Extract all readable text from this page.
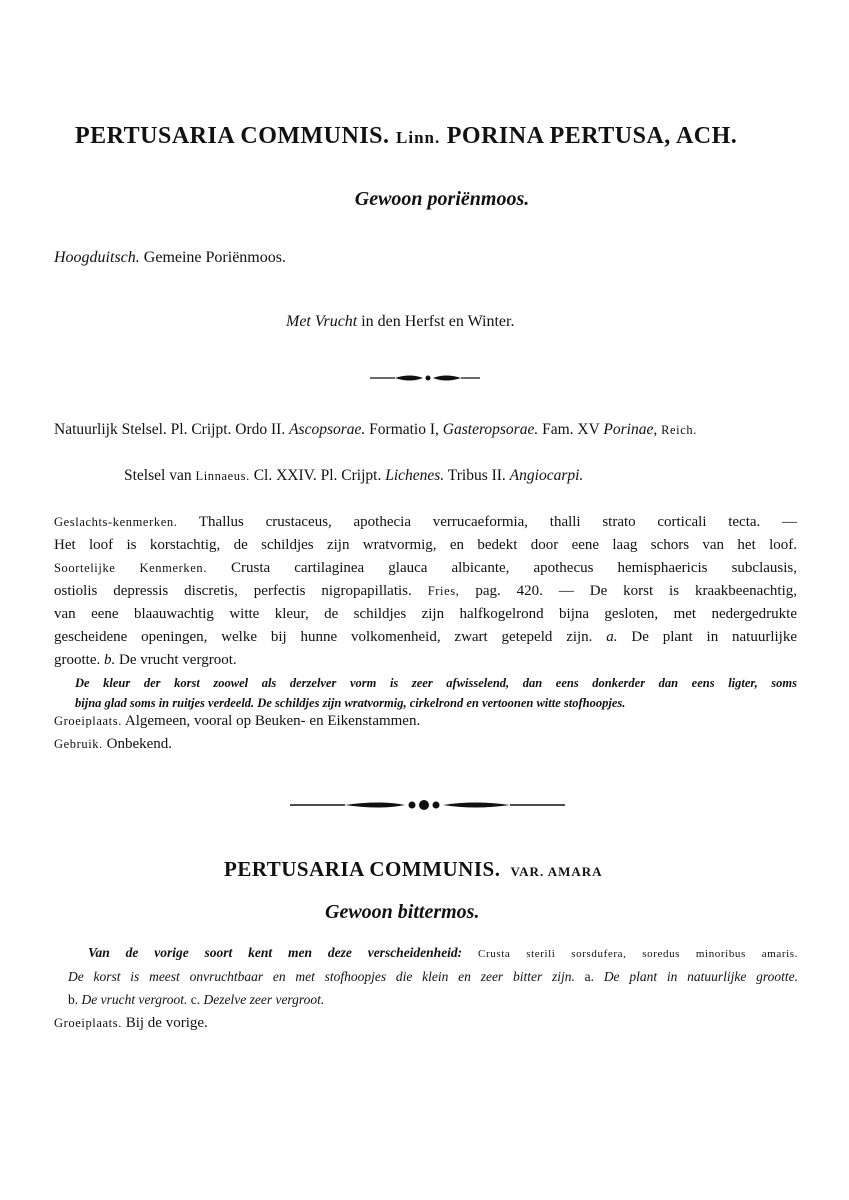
PERTUSARIA COMMUNIS. Linn. PORINA PERTUSA, ACH.
Gewoon poriënmoos.
Hoogduitsch. Gemeine Poriënmoos.
Met Vrucht in den Herfst en Winter.
Natuurlijk Stelsel. Pl. Crijpt. Ordo II. Ascopsorae. Formatio I, Gasteropsorae. Fam. XV Porinae, Reich.
Stelsel van Linnaeus. Cl. XXIV. Pl. Crijpt. Lichenes. Tribus II. Angiocarpi.
Geslachts-kenmerken. Thallus crustaceus, apothecia verrucaeformia, thalli strato corticali tecta. —
Het loof is korstachtig, de schildjes zijn wratvormig, en bedekt door eene laag schors van het loof.
Soortelijke Kenmerken. Crusta cartilaginea glauca albicante, apothecus hemisphaericis subclausis,
ostiolis depressis discretis, perfectis nigropapillatis. Fries, pag. 420. — De korst is kraakbeenachtig,
van eene blaauwachtig witte kleur, de schildjes zijn halfkogelrond bijna gesloten, met nedergedrukte
gescheidene openingen, welke bij hunne volkomenheid, zwart getepeld zijn. a. De plant in natuurlijke
grootte. b. De vrucht vergroot.
De kleur der korst zoowel als derzelver vorm is zeer afwisselend, dan eens donkerder dan eens ligter, soms
bijna glad soms in ruitjes verdeeld. De schildjes zijn wratvormig, cirkelrond en vertoonen witte stofhoopjes.
Groeiplaats. Algemeen, vooral op Beuken- en Eikenstammen.
Gebruik. Onbekend.
PERTUSARIA COMMUNIS. VAR. AMARA
Gewoon bittermos.
Van de vorige soort kent men deze verscheidenheid: Crusta sterili sorsdufera, soredus minoribus amaris.
De korst is meest onvruchtbaar en met stofhoopjes die klein en zeer bitter zijn. a. De plant in natuurlijke grootte.
b. De vrucht vergroot. c. Dezelve zeer vergroot.
Groeiplaats. Bij de vorige.
